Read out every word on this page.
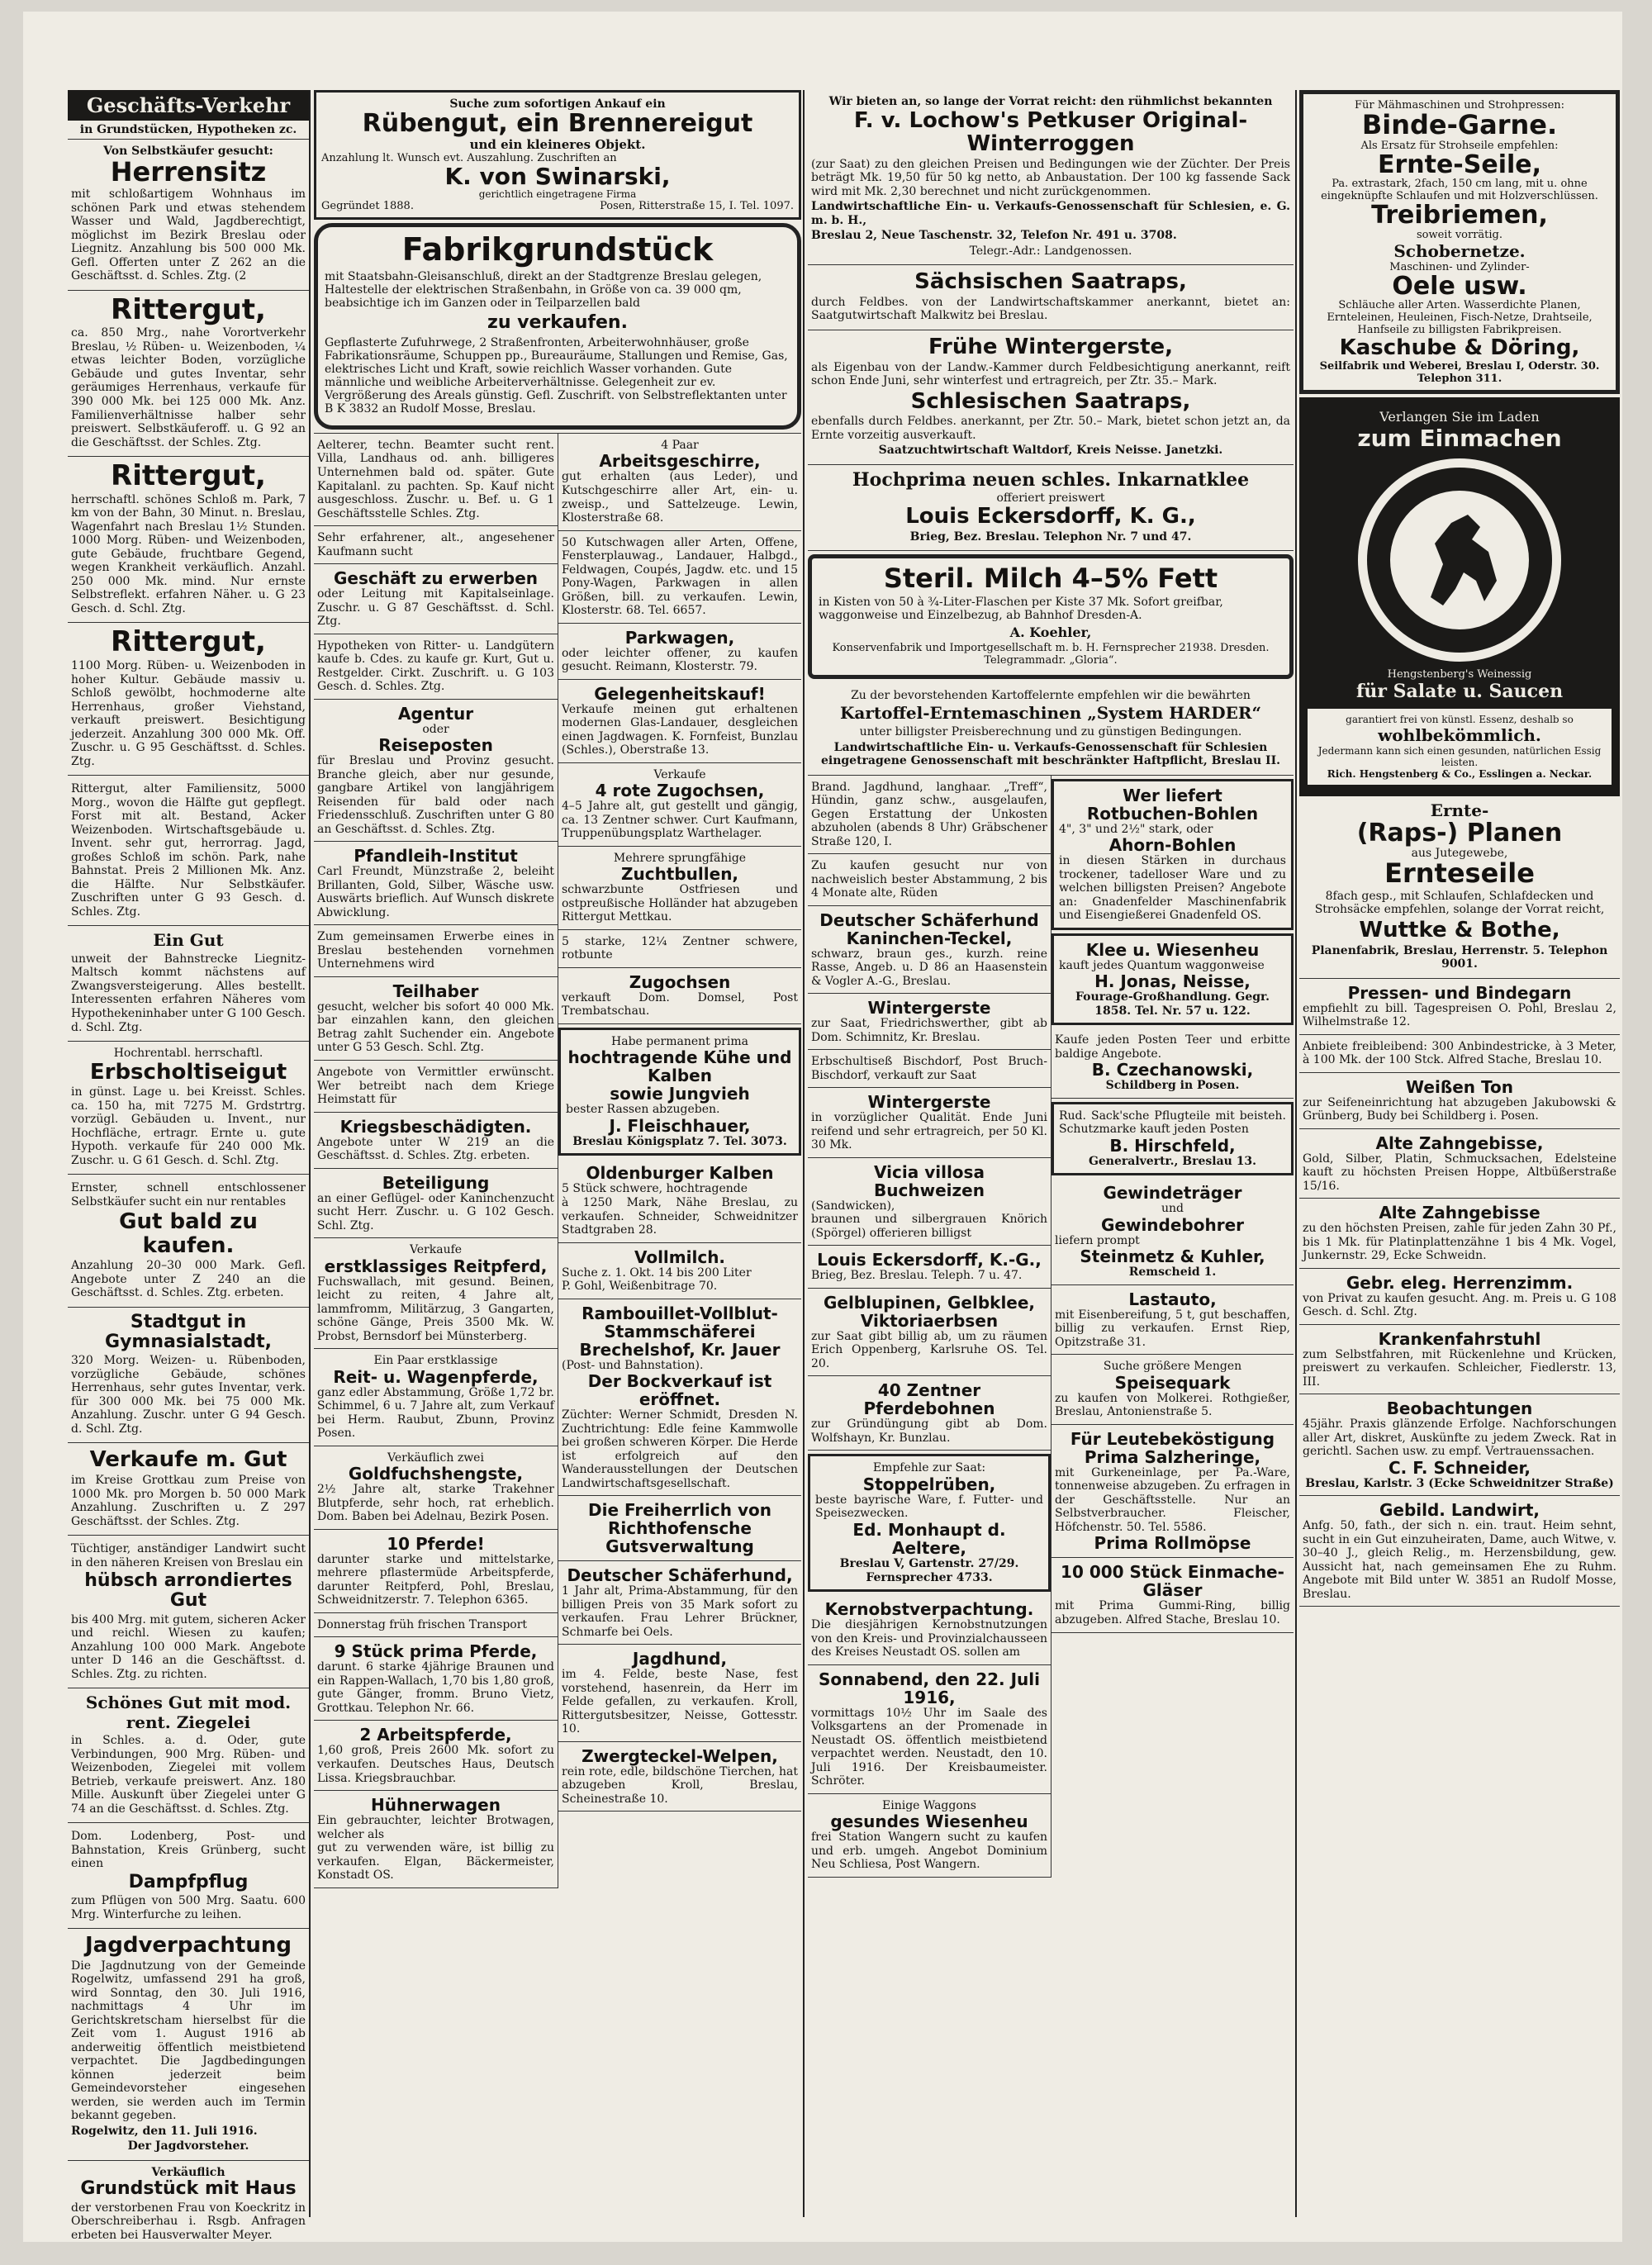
Geschäfts-Verkehr
in Grundstücken, Hypotheken zc.
Von Selbstkäufer gesucht:
Herrensitz

mit schloßartigem Wohnhaus im schönen Park und etwas stehendem Wasser und Wald, Jagdberechtigt, möglichst im Bezirk Breslau oder Liegnitz. Anzahlung bis 500 000 Mk. Gefl. Offerten unter Z 262 an die Geschäftsst. d. Schles. Ztg. (2

Rittergut,

ca. 850 Mrg., nahe Vorortverkehr Breslau, ½ Rüben- u. Weizenboden, ¼ etwas leichter Boden, vorzügliche Gebäude und gutes Inventar, sehr geräumiges Herrenhaus, verkaufe für 390 000 Mk. bei 125 000 Mk. Anz. Familienverhältnisse halber sehr preiswert. Selbstkäuferoff. u. G 92 an die Geschäftsst. der Schles. Ztg.

Rittergut,

herrschaftl. schönes Schloß m. Park, 7 km von der Bahn, 30 Minut. n. Breslau, Wagenfahrt nach Breslau 1½ Stunden. 1000 Morg. Rüben- und Weizenboden, gute Gebäude, fruchtbare Gegend, wegen Krankheit verkäuflich. Anzahl. 250 000 Mk. mind. Nur ernste Selbstreflekt. erfahren Näher. u. G 23 Gesch. d. Schl. Ztg.

Rittergut,

1100 Morg. Rüben- u. Weizenboden in hoher Kultur. Gebäude massiv u. Schloß gewölbt, hochmoderne alte Herrenhaus, großer Viehstand, verkauft preiswert. Besichtigung jederzeit. Anzahlung 300 000 Mk. Off. Zuschr. u. G 95 Geschäftsst. d. Schles. Ztg.

Rittergut, alter Familiensitz, 5000 Morg., wovon die Hälfte gut gepflegt. Forst mit alt. Bestand, Acker Weizenboden. Wirtschaftsgebäude u. Invent. sehr gut, herrorrag. Jagd, großes Schloß im schön. Park, nahe Bahnstat. Preis 2 Millionen Mk. Anz. die Hälfte. Nur Selbstkäufer. Zuschriften unter G 93 Gesch. d. Schles. Ztg.

Ein Gut

unweit der Bahnstrecke Liegnitz-Maltsch kommt nächstens auf Zwangsversteigerung. Alles bestellt. Interessenten erfahren Näheres vom Hypothekeninhaber unter G 100 Gesch. d. Schl. Ztg.

Hochrentabl. herrschaftl.
Erbscholtiseigut

in günst. Lage u. bei Kreisst. Schles. ca. 150 ha, mit 7275 M. Grdstrtrg. vorzügl. Gebäuden u. Invent., nur Hochfläche, ertragr. Ernte u. gute Hypoth. verkaufe für 240 000 Mk. Zuschr. u. G 61 Gesch. d. Schl. Ztg.

Ernster, schnell entschlossener Selbstkäufer sucht ein nur rentables

Gut bald zu kaufen.

Anzahlung 20–30 000 Mark. Gefl. Angebote unter Z 240 an die Geschäftsst. d. Schles. Ztg. erbeten.

Stadtgut in Gymnasialstadt,

320 Morg. Weizen- u. Rübenboden, vorzügliche Gebäude, schönes Herrenhaus, sehr gutes Inventar, verk. für 300 000 Mk. bei 75 000 Mk. Anzahlung. Zuschr. unter G 94 Gesch. d. Schl. Ztg.

Verkaufe m. Gut

im Kreise Grottkau zum Preise von 1000 Mk. pro Morgen b. 50 000 Mark Anzahlung. Zuschriften u. Z 297 Geschäftsst. der Schles. Ztg.

Tüchtiger, anständiger Landwirt sucht in den näheren Kreisen von Breslau ein

hübsch arrondiertes Gut

bis 400 Mrg. mit gutem, sicheren Acker und reichl. Wiesen zu kaufen; Anzahlung 100 000 Mark. Angebote unter D 146 an die Geschäftsst. d. Schles. Ztg. zu richten.

Schönes Gut mit mod. rent. Ziegelei

in Schles. a. d. Oder, gute Verbindungen, 900 Mrg. Rüben- und Weizenboden, Ziegelei mit vollem Betrieb, verkaufe preiswert. Anz. 180 Mille. Auskunft über Ziegelei unter G 74 an die Geschäftsst. d. Schles. Ztg.

Dom. Lodenberg, Post- und Bahnstation, Kreis Grünberg, sucht einen

Dampfpflug

zum Pflügen von 500 Mrg. Saatu. 600 Mrg. Winterfurche zu leihen.

Jagdverpachtung

Die Jagdnutzung von der Gemeinde Rogelwitz, umfassend 291 ha groß, wird Sonntag, den 30. Juli 1916, nachmittags 4 Uhr im Gerichtskretscham hierselbst für die Zeit vom 1. August 1916 ab anderweitig öffentlich meistbietend verpachtet. Die Jagdbedingungen können jederzeit beim Gemeindevorsteher eingesehen werden, sie werden auch im Termin bekannt gegeben.

Rogelwitz, den 11. Juli 1916.

Der Jagdvorsteher.

Verkäuflich
Grundstück mit Haus

der verstorbenen Frau von Koeckritz in Oberschreiberhau i. Rsgb. Anfragen erbeten bei Hausverwalter Meyer.

Suche zum sofortigen Ankauf ein
Rübengut, ein Brennereigut
und ein kleineres Objekt.
Anzahlung lt. Wunsch evt. Auszahlung. Zuschriften an
K. von Swinarski,
gerichtlich eingetragene Firma
Gegründet 1888.	Posen, Ritterstraße 15, I. Tel. 1097.
Fabrikgrundstück

mit Staatsbahn-Gleisanschluß, direkt an der Stadtgrenze Breslau gelegen, Haltestelle der elektrischen Straßenbahn, in Größe von ca. 39 000 qm, beabsichtige ich im Ganzen oder in Teilparzellen bald

zu verkaufen.

Gepflasterte Zufuhrwege, 2 Straßenfronten, Arbeiterwohnhäuser, große Fabrikationsräume, Schuppen pp., Bureauräume, Stallungen und Remise, Gas, elektrisches Licht und Kraft, sowie reichlich Wasser vorhanden. Gute männliche und weibliche Arbeiterverhältnisse. Gelegenheit zur ev. Vergrößerung des Areals günstig. Gefl. Zuschrift. von Selbstreflektanten unter B K 3832 an Rudolf Mosse, Breslau.

Aelterer, techn. Beamter sucht rent. Villa, Landhaus od. anh. billigeres Unternehmen bald od. später. Gute Kapitalanl. zu pachten. Sp. Kauf nicht ausgeschloss. Zuschr. u. Bef. u. G 1 Geschäftsstelle Schles. Ztg.
Sehr erfahrener, alt., angesehener Kaufmann sucht
Geschäft zu erwerben
oder Leitung mit Kapitalseinlage. Zuschr. u. G 87 Geschäftsst. d. Schl. Ztg.
Hypotheken von Ritter- u. Landgütern kaufe b. Cdes. zu kaufe gr. Kurt, Gut u. Restgelder. Cirkt. Zuschrift. u. G 103 Gesch. d. Schles. Ztg.
Agentur
oder
Reiseposten
für Breslau und Provinz gesucht. Branche gleich, aber nur gesunde, gangbare Artikel von langjährigem Reisenden für bald oder nach Friedensschluß. Zuschriften unter G 80 an Geschäftsst. d. Schles. Ztg.
Pfandleih-Institut
Carl Freundt, Münzstraße 2, beleiht Brillanten, Gold, Silber, Wäsche usw. Auswärts brieflich. Auf Wunsch diskrete Abwicklung.
Zum gemeinsamen Erwerbe eines in Breslau bestehenden vornehmen Unternehmens wird
Teilhaber
gesucht, welcher bis sofort 40 000 Mk. bar einzahlen kann, den gleichen Betrag zahlt Suchender ein. Angebote unter G 53 Gesch. Schl. Ztg.
Angebote von Vermittler erwünscht. Wer betreibt nach dem Kriege Heimstatt für
Kriegsbeschädigten.
Angebote unter W 219 an die Geschäftsst. d. Schles. Ztg. erbeten.
Beteiligung
an einer Geflügel- oder Kaninchenzucht sucht Herr. Zuschr. u. G 102 Gesch. Schl. Ztg.
Verkaufe
erstklassiges Reitpferd,
Fuchswallach, mit gesund. Beinen, leicht zu reiten, 4 Jahre alt, lammfromm, Militärzug, 3 Gangarten, schöne Gänge, Preis 3500 Mk. W. Probst, Bernsdorf bei Münsterberg.
Ein Paar erstklassige
Reit- u. Wagenpferde,
ganz edler Abstammung, Größe 1,72 br. Schimmel, 6 u. 7 Jahre alt, zum Verkauf bei Herm. Raubut, Zbunn, Provinz Posen.
Verkäuflich zwei
Goldfuchshengste,
2½ Jahre alt, starke Trakehner Blutpferde, sehr hoch, rat erheblich. Dom. Baben bei Adelnau, Bezirk Posen.
10 Pferde!
darunter starke und mittelstarke, mehrere pflastermüde Arbeitspferde, darunter Reitpferd, Pohl, Breslau, Schweidnitzerstr. 7. Telephon 6365.
Donnerstag früh frischen Transport
9 Stück prima Pferde,
darunt. 6 starke 4jährige Braunen und ein Rappen-Wallach, 1,70 bis 1,80 groß, gute Gänger, fromm. Bruno Vietz, Grottkau. Telephon Nr. 66.
2 Arbeitspferde,
1,60 groß, Preis 2600 Mk. sofort zu verkaufen. Deutsches Haus, Deutsch Lissa. Kriegsbrauchbar.
Hühnerwagen
Ein gebrauchter, leichter Brotwagen, welcher als
gut zu verwenden wäre, ist billig zu verkaufen. Elgan, Bäckermeister, Konstadt OS.
4 Paar
Arbeitsgeschirre,
gut erhalten (aus Leder), und Kutschgeschirre aller Art, ein- u. zweisp., und Sattelzeuge. Lewin, Klosterstraße 68.
50 Kutschwagen aller Arten, Offene, Fensterplauwag., Landauer, Halbgd., Feldwagen, Coupés, Jagdw. etc. und 15 Pony-Wagen, Parkwagen in allen Größen, bill. zu verkaufen. Lewin, Klosterstr. 68. Tel. 6657.
Parkwagen,
oder leichter offener, zu kaufen gesucht. Reimann, Klosterstr. 79.
Gelegenheitskauf!
Verkaufe meinen gut erhaltenen modernen Glas-Landauer, desgleichen einen Jagdwagen. K. Fornfeist, Bunzlau (Schles.), Oberstraße 13.
Verkaufe
4 rote Zugochsen,
4–5 Jahre alt, gut gestellt und gängig, ca. 13 Zentner schwer. Curt Kaufmann, Truppenübungsplatz Warthelager.
Mehrere sprungfähige
Zuchtbullen,
schwarzbunte Ostfriesen und ostpreußische Holländer hat abzugeben Rittergut Mettkau.
5 starke, 12¼ Zentner schwere, rotbunte
Zugochsen
verkauft Dom. Domsel, Post Trembatschau.
Habe permanent prima
hochtragende Kühe und Kalben
sowie Jungvieh
bester Rassen abzugeben.
J. Fleischhauer,
Breslau Königsplatz 7. Tel. 3073.
Oldenburger Kalben
5 Stück schwere, hochtragende
à 1250 Mark, Nähe Breslau, zu verkaufen. Schneider, Schweidnitzer Stadtgraben 28.
Vollmilch.
Suche z. 1. Okt. 14 bis 200 Liter
P. Gohl, Weißenbitrage 70.
Rambouillet-Vollblut-Stammschäferei
Brechelshof, Kr. Jauer
(Post- und Bahnstation).
Der Bockverkauf ist eröffnet.
Züchter: Werner Schmidt, Dresden N. Zuchtrichtung: Edle feine Kammwolle bei großen schweren Körper. Die Herde ist erfolgreich auf den Wanderausstellungen der Deutschen Landwirtschaftsgesellschaft.
Die Freiherrlich von Richthofensche Gutsverwaltung
Deutscher Schäferhund,
1 Jahr alt, Prima-Abstammung, für den billigen Preis von 35 Mark sofort zu verkaufen. Frau Lehrer Brückner, Schmarfe bei Oels.
Jagdhund,
im 4. Felde, beste Nase, fest vorstehend, hasenrein, da Herr im Felde gefallen, zu verkaufen. Kroll, Rittergutsbesitzer, Neisse, Gottesstr. 10.
Zwergteckel-Welpen,
rein rote, edle, bildschöne Tierchen, hat abzugeben Kroll, Breslau, Scheinestraße 10.
Wir bieten an, so lange der Vorrat reicht: den rühmlichst bekannten
F. v. Lochow's Petkuser Original-Winterroggen

(zur Saat) zu den gleichen Preisen und Bedingungen wie der Züchter. Der Preis beträgt Mk. 19,50 für 50 kg netto, ab Anbaustation. Der 100 kg fassende Sack wird mit Mk. 2,30 berechnet und nicht zurückgenommen.

Landwirtschaftliche Ein- u. Verkaufs-Genossenschaft für Schlesien, e. G. m. b. H.,

Breslau 2, Neue Taschenstr. 32, Telefon Nr. 491 u. 3708.

Telegr.-Adr.: Landgenossen.

Sächsischen Saatraps,

durch Feldbes. von der Landwirtschaftskammer anerkannt, bietet an: Saatgutwirtschaft Malkwitz bei Breslau.

Frühe Wintergerste,

als Eigenbau von der Landw.-Kammer durch Feldbesichtigung anerkannt, reift schon Ende Juni, sehr winterfest und ertragreich, per Ztr. 35.– Mark.

Schlesischen Saatraps,

ebenfalls durch Feldbes. anerkannt, per Ztr. 50.– Mark, bietet schon jetzt an, da Ernte vorzeitig ausverkauft.

Saatzuchtwirtschaft Waltdorf, Kreis Neisse. Janetzki.

Hochprima neuen schles. Inkarnatklee
offeriert preiswert
Louis Eckersdorff, K. G.,

Brieg, Bez. Breslau. Telephon Nr. 7 und 47.

Steril. Milch 4–5% Fett

in Kisten von 50 à ¾-Liter-Flaschen per Kiste 37 Mk. Sofort greifbar, waggonweise und Einzelbezug, ab Bahnhof Dresden-A.

A. Koehler,

Konservenfabrik und Importgesellschaft m. b. H. Fernsprecher 21938. Dresden. Telegrammadr. „Gloria“.

Zu der bevorstehenden Kartoffelernte empfehlen wir die bewährten

Kartoffel-Erntemaschinen „System HARDER“

unter billigster Preisberechnung und zu günstigen Bedingungen.

Landwirtschaftliche Ein- u. Verkaufs-Genossenschaft für Schlesien eingetragene Genossenschaft mit beschränkter Haftpflicht, Breslau II.

Brand. Jagdhund, langhaar. „Treff“, Hündin, ganz schw., ausgelaufen, Gegen Erstattung der Unkosten abzuholen (abends 8 Uhr) Gräbschener Straße 120, I.
Zu kaufen gesucht nur von nachweislich bester Abstammung, 2 bis 4 Monate alte, Rüden
Deutscher Schäferhund
Kaninchen-Teckel,
schwarz, braun ges., kurzh. reine Rasse, Angeb. u. D 86 an Haasenstein & Vogler A.-G., Breslau.
Wintergerste
zur Saat, Friedrichswerther, gibt ab Dom. Schimnitz, Kr. Breslau.
Erbschultiseß Bischdorf, Post Bruch-Bischdorf, verkauft zur Saat
Wintergerste
in vorzüglicher Qualität. Ende Juni reifend und sehr ertragreich, per 50 Kl. 30 Mk.
Vicia villosa
Buchweizen
(Sandwicken),
braunen und silbergrauen Knörich (Spörgel) offerieren billigst
Louis Eckersdorff, K.-G.,
Brieg, Bez. Breslau. Teleph. 7 u. 47.
Gelblupinen, Gelbklee, Viktoriaerbsen
zur Saat gibt billig ab, um zu räumen Erich Oppenberg, Karlsruhe OS. Tel. 20.
40 Zentner Pferdebohnen
zur Gründüngung gibt ab Dom. Wolfshayn, Kr. Bunzlau.
Empfehle zur Saat:
Stoppelrüben,
beste bayrische Ware, f. Futter- und Speisezwecken.
Ed. Monhaupt d. Aeltere,
Breslau V, Gartenstr. 27/29. Fernsprecher 4733.
Kernobstverpachtung.
Die diesjährigen Kernobstnutzungen von den Kreis- und Provinzialchausseen des Kreises Neustadt OS. sollen am
Sonnabend, den 22. Juli 1916,
vormittags 10½ Uhr im Saale des Volksgartens an der Promenade in Neustadt OS. öffentlich meistbietend verpachtet werden. Neustadt, den 10. Juli 1916. Der Kreisbaumeister. Schröter.
Einige Waggons
gesundes Wiesenheu
frei Station Wangern sucht zu kaufen und erb. umgeh. Angebot Dominium Neu Schliesa, Post Wangern.
Wer liefert
Rotbuchen-Bohlen
4", 3" und 2½" stark, oder
Ahorn-Bohlen
in diesen Stärken in durchaus trockener, tadelloser Ware und zu welchen billigsten Preisen? Angebote an: Gnadenfelder Maschinenfabrik und Eisengießerei Gnadenfeld OS.
Klee u. Wiesenheu
kauft jedes Quantum waggonweise
H. Jonas, Neisse,
Fourage-Großhandlung. Gegr. 1858. Tel. Nr. 57 u. 122.
Kaufe jeden Posten Teer und erbitte baldige Angebote.
B. Czechanowski,
Schildberg in Posen.
Rud. Sack'sche Pflugteile mit beisteh. Schutzmarke kauft jeden Posten
B. Hirschfeld,
Generalvertr., Breslau 13.
Gewindeträger
und
Gewindebohrer
liefern prompt
Steinmetz & Kuhler,
Remscheid 1.
Lastauto,
mit Eisenbereifung, 5 t, gut beschaffen, billig zu verkaufen. Ernst Riep, Opitzstraße 31.
Suche größere Mengen
Speisequark
zu kaufen von Molkerei. Rothgießer, Breslau, Antonienstraße 5.
Für Leutebeköstigung
Prima Salzheringe,
mit Gurkeneinlage, per Pa.-Ware, tonnenweise abzugeben. Zu erfragen in der Geschäftsstelle. Nur an Selbstverbraucher. Fleischer, Höfchenstr. 50. Tel. 5586.
Prima Rollmöpse
10 000 Stück Einmache-Gläser
mit Prima Gummi-Ring, billig abzugeben. Alfred Stache, Breslau 10.
Für Mähmaschinen und Strohpressen:
Binde-Garne.
Als Ersatz für Strohseile empfehlen:
Ernte-Seile,
Pa. extrastark, 2fach, 150 cm lang, mit u. ohne eingeknüpfte Schlaufen und mit Holzverschlüssen.
Treibriemen,
soweit vorrätig.
Schobernetze.
Maschinen- und Zylinder-
Oele usw.
Schläuche aller Arten. Wasserdichte Planen, Ernteleinen, Heuleinen, Fisch-Netze, Drahtseile, Hanfseile zu billigsten Fabrikpreisen.
Kaschube & Döring,
Seilfabrik und Weberei, Breslau I, Oderstr. 30. Telephon 311.
Verlangen Sie im Laden
zum Einmachen
Hengstenberg's Weinessig
für Salate u. Saucen
garantiert frei von künstl. Essenz, deshalb so
wohlbekömmlich.
Jedermann kann sich einen gesunden, natürlichen Essig leisten.
Rich. Hengstenberg & Co., Esslingen a. Neckar.
Ernte-
(Raps-) Planen
aus Jutegewebe,
Ernteseile

8fach gesp., mit Schlaufen, Schlafdecken und Strohsäcke empfehlen, solange der Vorrat reicht,

Wuttke & Bothe,

Planenfabrik, Breslau, Herrenstr. 5. Telephon 9001.

Pressen- und Bindegarn
empfiehlt zu bill. Tagespreisen O. Pohl, Breslau 2, Wilhelmstraße 12.
Anbiete freibleibend: 300 Anbindestricke, à 3 Meter, à 100 Mk. der 100 Stck. Alfred Stache, Breslau 10.
Weißen Ton
zur Seifeneinrichtung hat abzugeben Jakubowski & Grünberg, Budy bei Schildberg i. Posen.
Alte Zahngebisse,
Gold, Silber, Platin, Schmucksachen, Edelsteine kauft zu höchsten Preisen Hoppe, Altbüßerstraße 15/16.
Alte Zahngebisse
zu den höchsten Preisen, zahle für jeden Zahn 30 Pf., bis 1 Mk. für Platinplattenzähne 1 bis 4 Mk. Vogel, Junkernstr. 29, Ecke Schweidn.
Gebr. eleg. Herrenzimm.
von Privat zu kaufen gesucht. Ang. m. Preis u. G 108 Gesch. d. Schl. Ztg.
Krankenfahrstuhl
zum Selbstfahren, mit Rückenlehne und Krücken, preiswert zu verkaufen. Schleicher, Fiedlerstr. 13, III.
Beobachtungen
45jähr. Praxis glänzende Erfolge. Nachforschungen aller Art, diskret, Auskünfte zu jedem Zweck. Rat in gerichtl. Sachen usw. zu empf. Vertrauenssachen.
C. F. Schneider,
Breslau, Karlstr. 3 (Ecke Schweidnitzer Straße)
Gebild. Landwirt,
Anfg. 50, fath., der sich n. ein. traut. Heim sehnt, sucht in ein Gut einzuheiraten, Dame, auch Witwe, v. 30–40 J., gleich Relig., m. Herzensbildung, gew. Aussicht hat, nach gemeinsamen Ehe zu Ruhm. Angebote mit Bild unter W. 3851 an Rudolf Mosse, Breslau.
